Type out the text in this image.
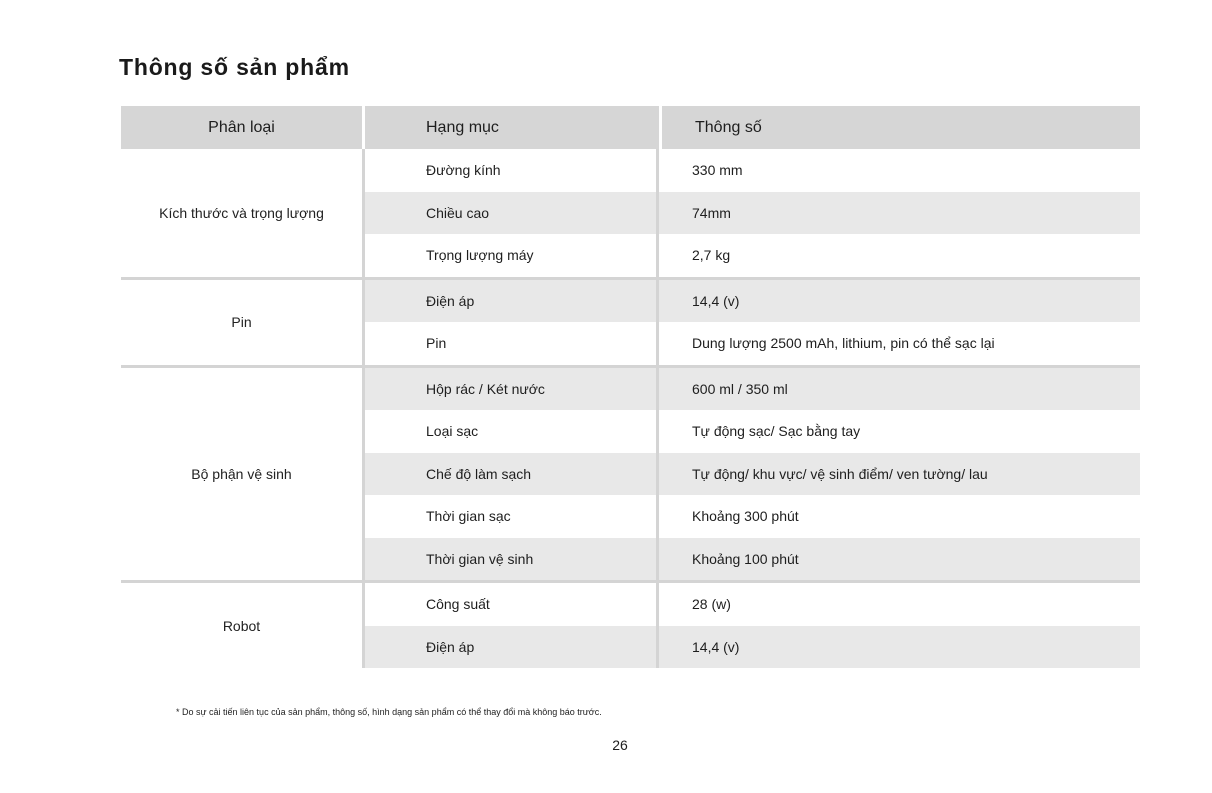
Thông số sản phẩm
Phân loại	Hạng mục	Thông số
Kích thước và trọng lượng
Đường kính	330 mm
Chiều cao	74mm
Trọng lượng máy	2,7 kg
Pin
Điện áp	14,4 (v)
Pin	Dung lượng 2500 mAh, lithium, pin có thể sạc lại
Bộ phận vệ sinh
Hộp rác / Két nước	600 ml / 350 ml
Loại sạc	Tự động sạc/ Sạc bằng tay
Chế độ làm sạch	Tự động/ khu vực/ vệ sinh điểm/ ven tường/ lau
Thời gian sạc	Khoảng 300 phút
Thời gian vệ sinh	Khoảng 100 phút
Robot
Công suất	28 (w)
Điện áp	14,4 (v)
* Do sự cải tiến liên tục của sản phẩm, thông số, hình dạng sản phẩm có thể thay đổi mà không báo trước.
26
